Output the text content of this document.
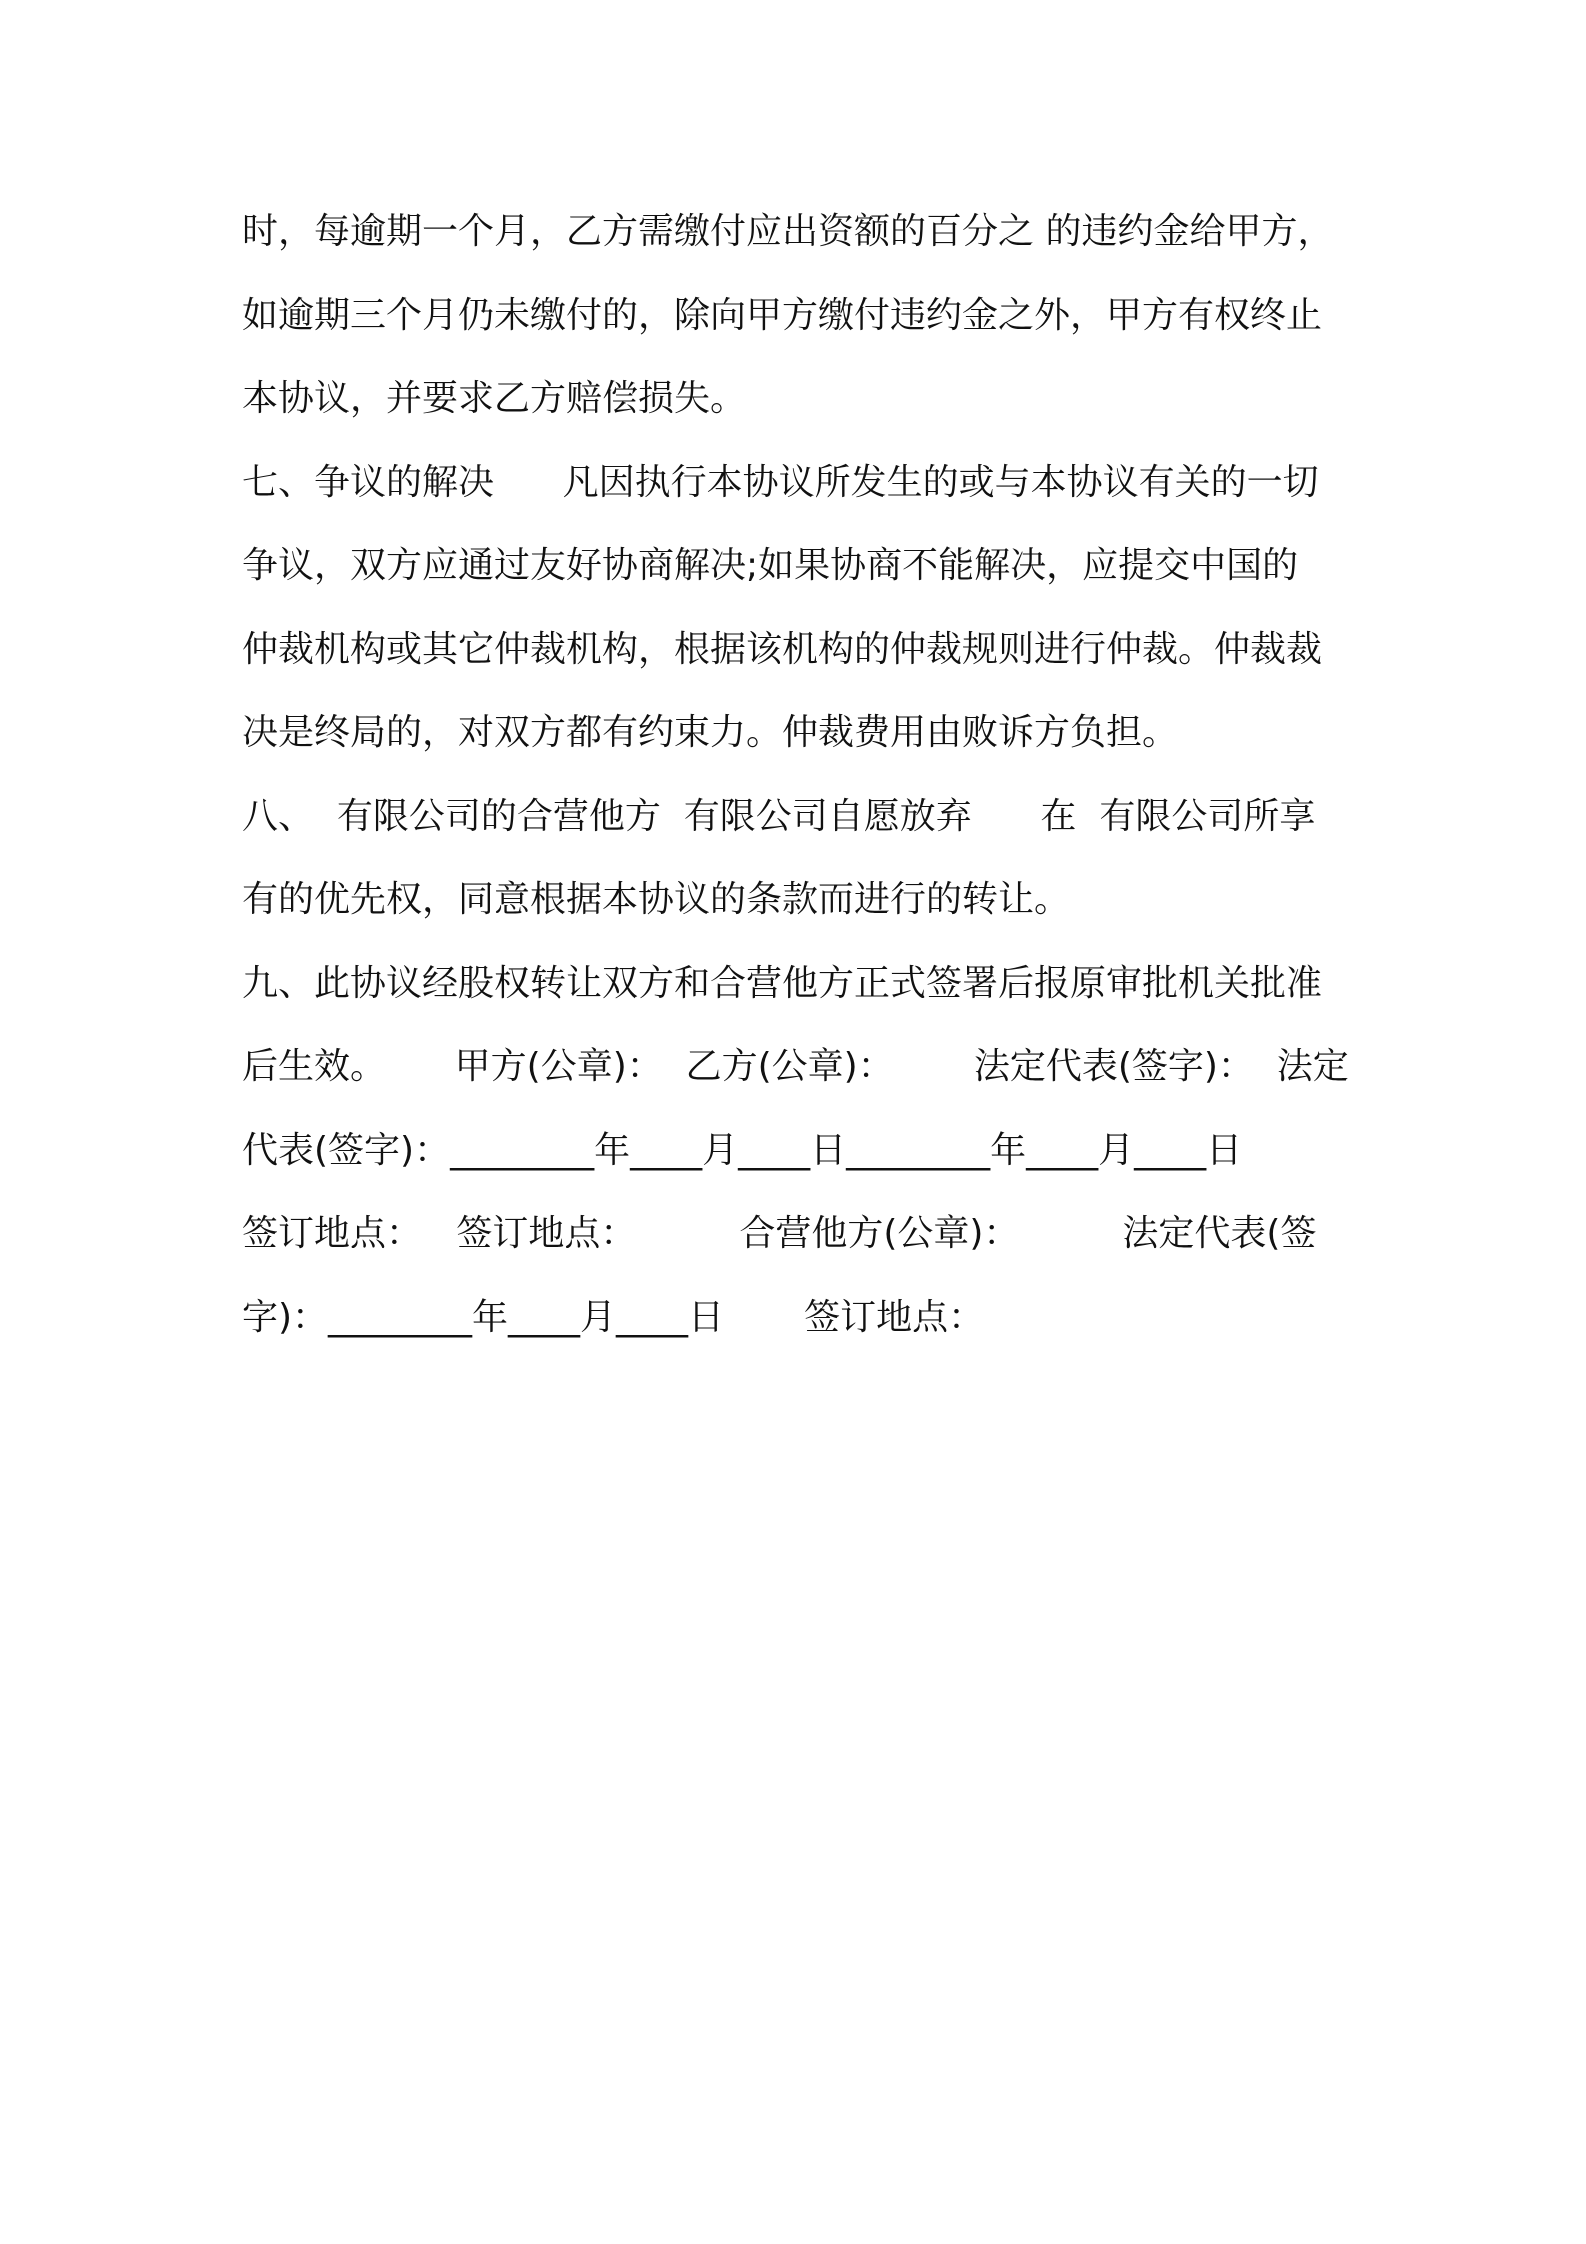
时，每逾期一个月，乙方需缴付应出资额的百分之 的违约金给甲方，
如逾期三个月仍未缴付的，除向甲方缴付违约金之外，甲方有权终止
本协议，并要求乙方赔偿损失。
七、争议的解决      凡因执行本协议所发生的或与本协议有关的一切
争议，双方应通过友好协商解决;如果协商不能解决，应提交中国的
仲裁机构或其它仲裁机构，根据该机构的仲裁规则进行仲裁。仲裁裁
决是终局的，对双方都有约束力。仲裁费用由败诉方负担。
八、  有限公司的合营他方  有限公司自愿放弃      在  有限公司所享
有的优先权，同意根据本协议的条款而进行的转让。
九、此协议经股权转让双方和合营他方正式签署后报原审批机关批准
后生效。      甲方(公章)：  乙方(公章)：       法定代表(签字)：  法定
代表(签字)：________年____月____日________年____月____日
签订地点：   签订地点：         合营他方(公章)：         法定代表(签
字)：________年____月____日       签订地点：
